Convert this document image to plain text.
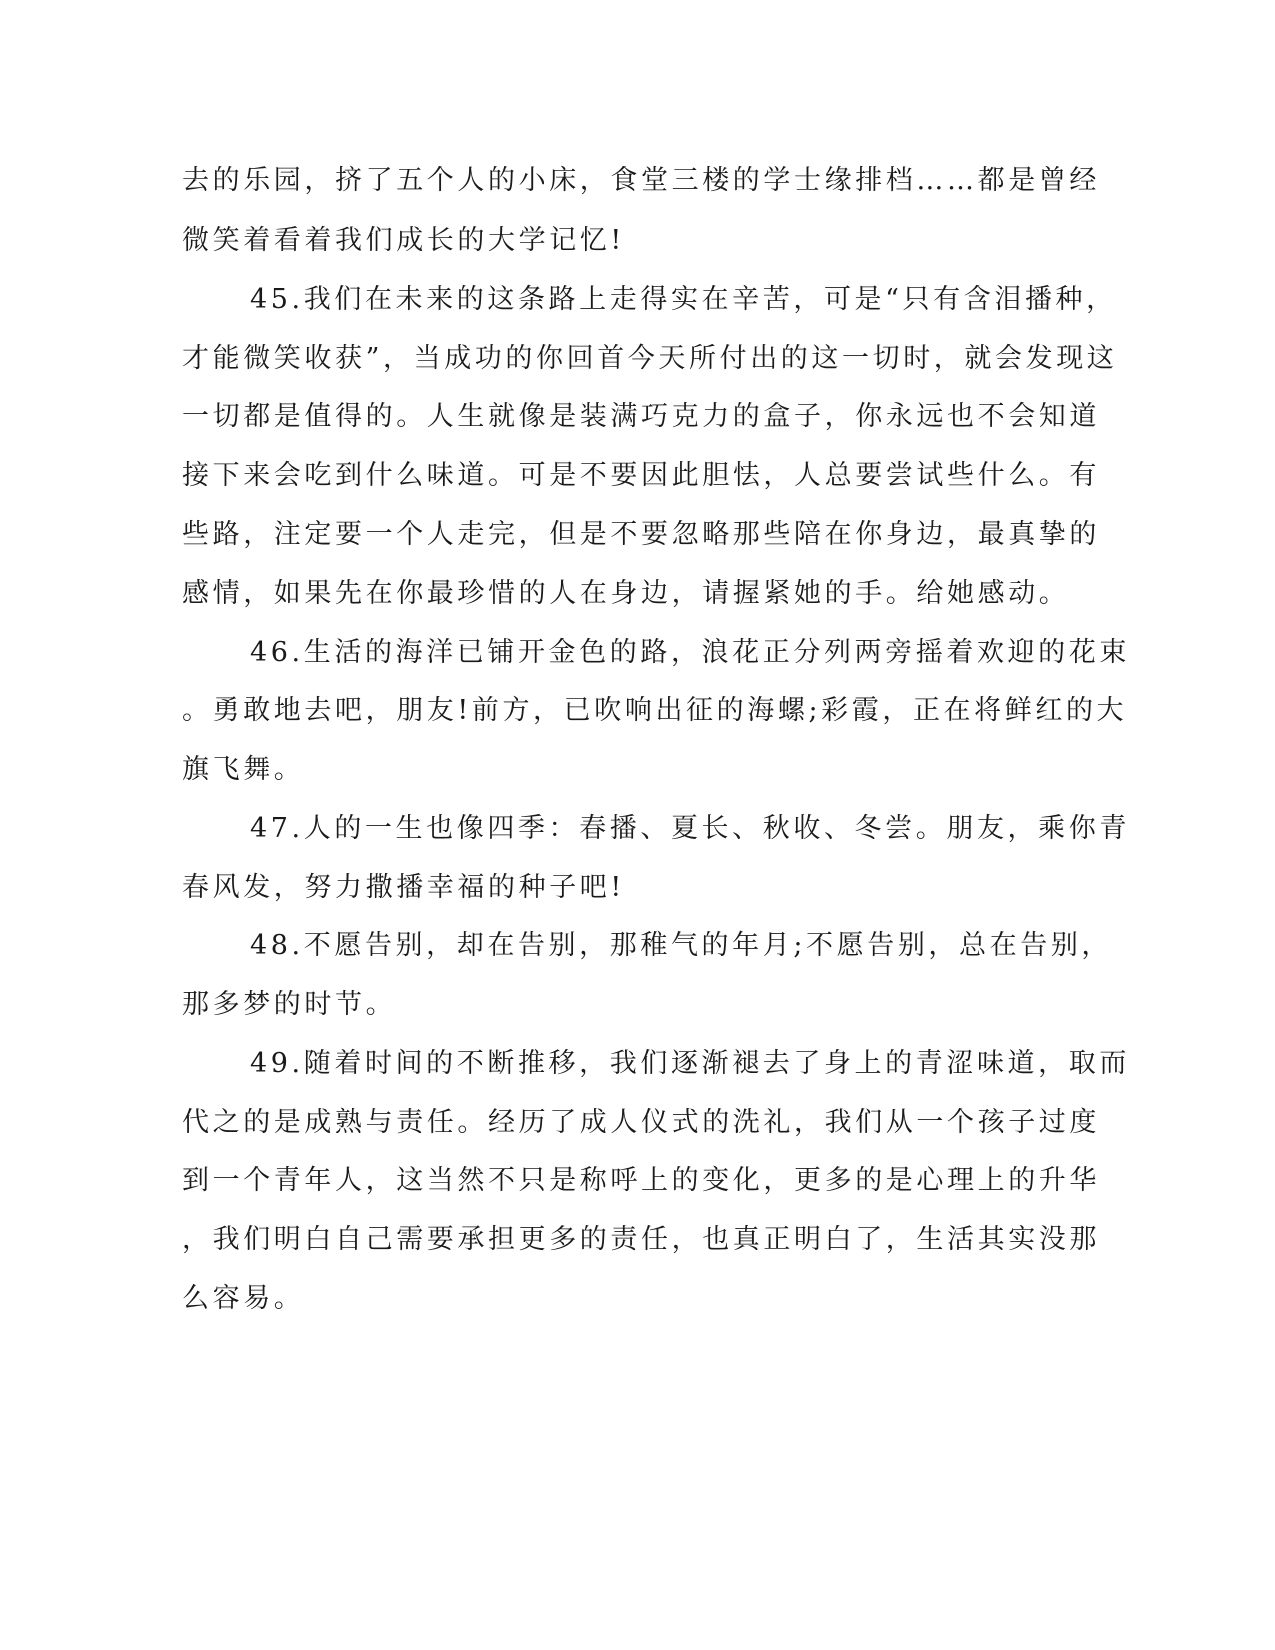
去的乐园，挤了五个人的小床，食堂三楼的学士缘排档……都是曾经
微笑着看着我们成长的大学记忆!
45.我们在未来的这条路上走得实在辛苦，可是“只有含泪播种，
才能微笑收获”，当成功的你回首今天所付出的这一切时，就会发现这
一切都是值得的。人生就像是装满巧克力的盒子，你永远也不会知道
接下来会吃到什么味道。可是不要因此胆怯，人总要尝试些什么。有
些路，注定要一个人走完，但是不要忽略那些陪在你身边，最真挚的
感情，如果先在你最珍惜的人在身边，请握紧她的手。给她感动。
46.生活的海洋已铺开金色的路，浪花正分列两旁摇着欢迎的花束
。勇敢地去吧，朋友!前方，已吹响出征的海螺;彩霞，正在将鲜红的大
旗飞舞。
47.人的一生也像四季：春播、夏长、秋收、冬尝。朋友，乘你青
春风发，努力撒播幸福的种子吧!
48.不愿告别，却在告别，那稚气的年月;不愿告别，总在告别，
那多梦的时节。
49.随着时间的不断推移，我们逐渐褪去了身上的青涩味道，取而
代之的是成熟与责任。经历了成人仪式的洗礼，我们从一个孩子过度
到一个青年人，这当然不只是称呼上的变化，更多的是心理上的升华
，我们明白自己需要承担更多的责任，也真正明白了，生活其实没那
么容易。
